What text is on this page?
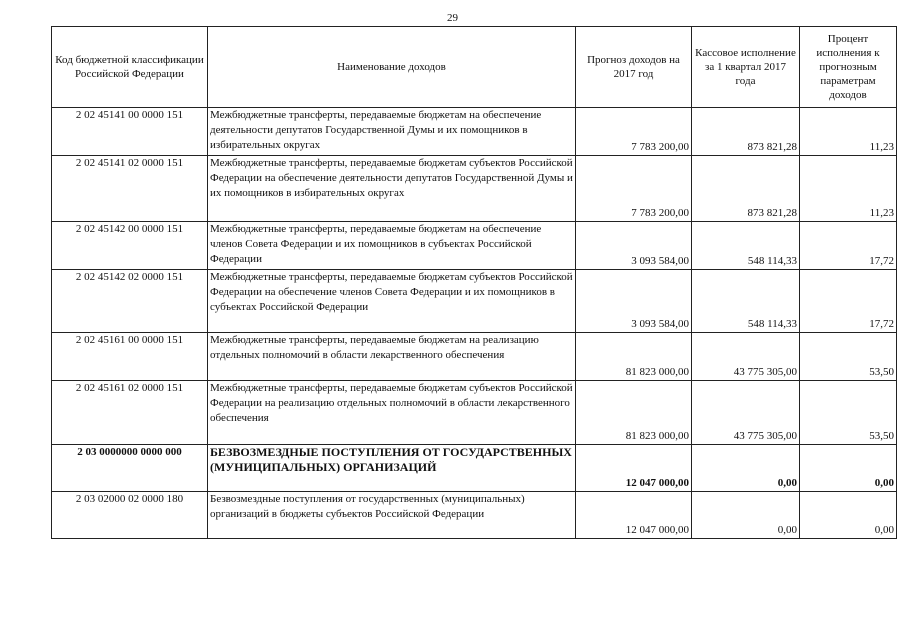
29
Код бюджетной классификации Российской Федерации	Наименование доходов	Прогноз доходов на 2017 год	Кассовое исполнение за 1 квартал 2017 года	Процент исполнения к прогнозным параметрам доходов
2 02 45141 00 0000 151	Межбюджетные трансферты, передаваемые бюджетам на обеспечение деятельности депутатов Государственной Думы и их помощников в избирательных округах	7 783 200,00	873 821,28	11,23
2 02 45141 02 0000 151	Межбюджетные трансферты, передаваемые бюджетам субъектов Российской Федерации на обеспечение деятельности депутатов Государственной Думы и их помощников в избирательных округах	7 783 200,00	873 821,28	11,23
2 02 45142 00 0000 151	Межбюджетные трансферты, передаваемые бюджетам на обеспечение членов Совета Федерации и их помощников в субъектах Российской Федерации	3 093 584,00	548 114,33	17,72
2 02 45142 02 0000 151	Межбюджетные трансферты, передаваемые бюджетам субъектов Российской Федерации на обеспечение членов Совета Федерации и их помощников в субъектах Российской Федерации	3 093 584,00	548 114,33	17,72
2 02 45161 00 0000 151	Межбюджетные трансферты, передаваемые бюджетам на реализацию отдельных полномочий в области лекарственного обеспечения	81 823 000,00	43 775 305,00	53,50
2 02 45161 02 0000 151	Межбюджетные трансферты, передаваемые бюджетам субъектов Российской Федерации на реализацию отдельных полномочий в области лекарственного обеспечения	81 823 000,00	43 775 305,00	53,50
2 03 0000000 0000 000	БЕЗВОЗМЕЗДНЫЕ ПОСТУПЛЕНИЯ ОТ ГОСУДАРСТВЕННЫХ (МУНИЦИПАЛЬНЫХ) ОРГАНИЗАЦИЙ	12 047 000,00	0,00	0,00
2 03 02000 02 0000 180	Безвозмездные поступления от государственных (муниципальных) организаций в бюджеты субъектов Российской Федерации	12 047 000,00	0,00	0,00
